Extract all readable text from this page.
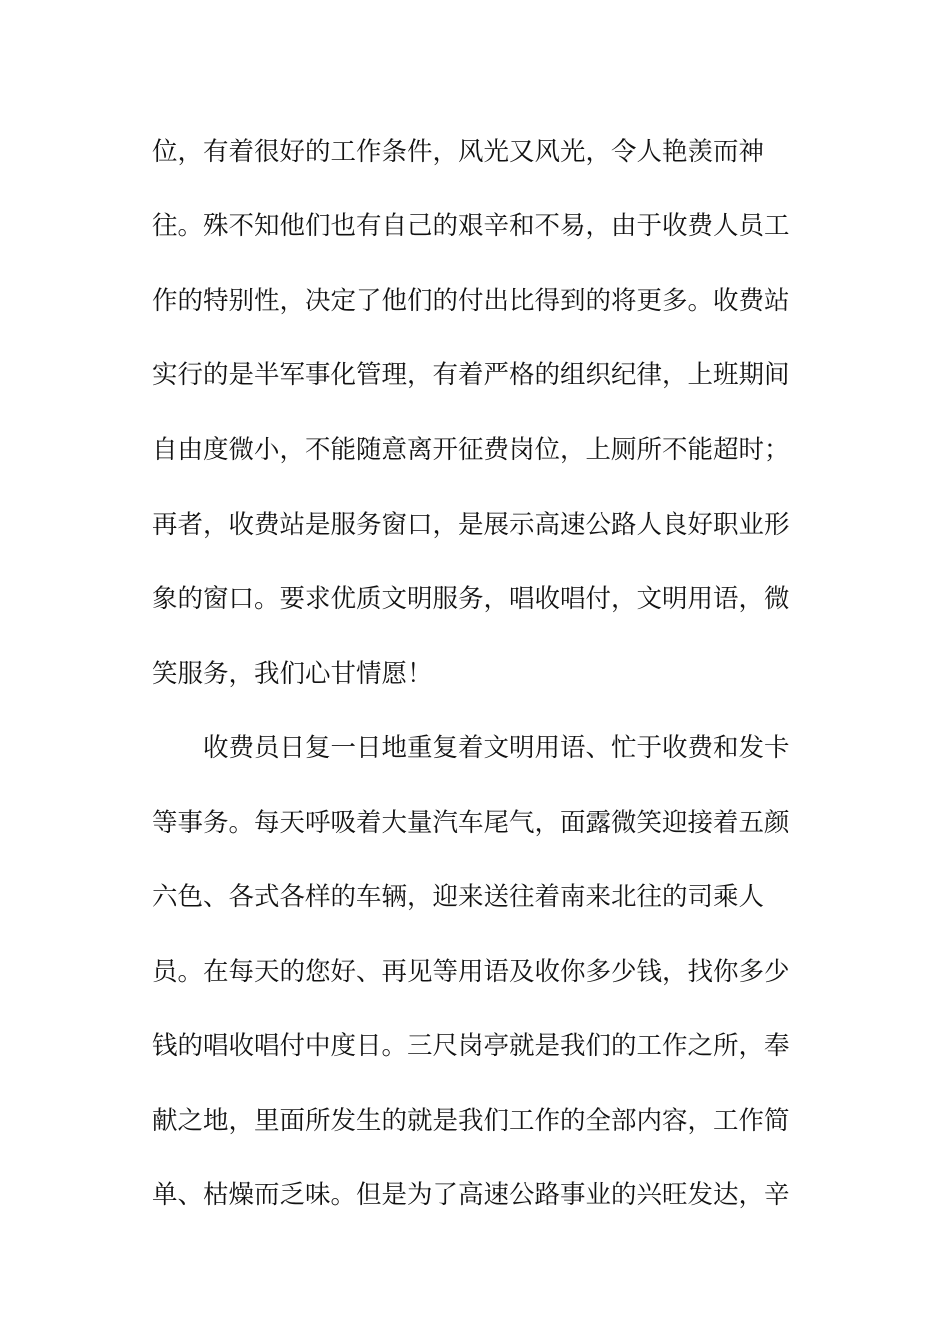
位，有着很好的工作条件，风光又风光，令人艳羡而神
往。殊不知他们也有自己的艰辛和不易，由于收费人员工
作的特别性，决定了他们的付出比得到的将更多。收费站
实行的是半军事化管理，有着严格的组织纪律，上班期间
自由度微小，不能随意离开征费岗位，上厕所不能超时；
再者，收费站是服务窗口，是展示高速公路人良好职业形
象的窗口。要求优质文明服务，唱收唱付，文明用语，微
笑服务，我们心甘情愿！
收费员日复一日地重复着文明用语、忙于收费和发卡
等事务。每天呼吸着大量汽车尾气，面露微笑迎接着五颜
六色、各式各样的车辆，迎来送往着南来北往的司乘人
员。在每天的您好、再见等用语及收你多少钱，找你多少
钱的唱收唱付中度日。三尺岗亭就是我们的工作之所，奉
献之地，里面所发生的就是我们工作的全部内容，工作简
单、枯燥而乏味。但是为了高速公路事业的兴旺发达，辛
